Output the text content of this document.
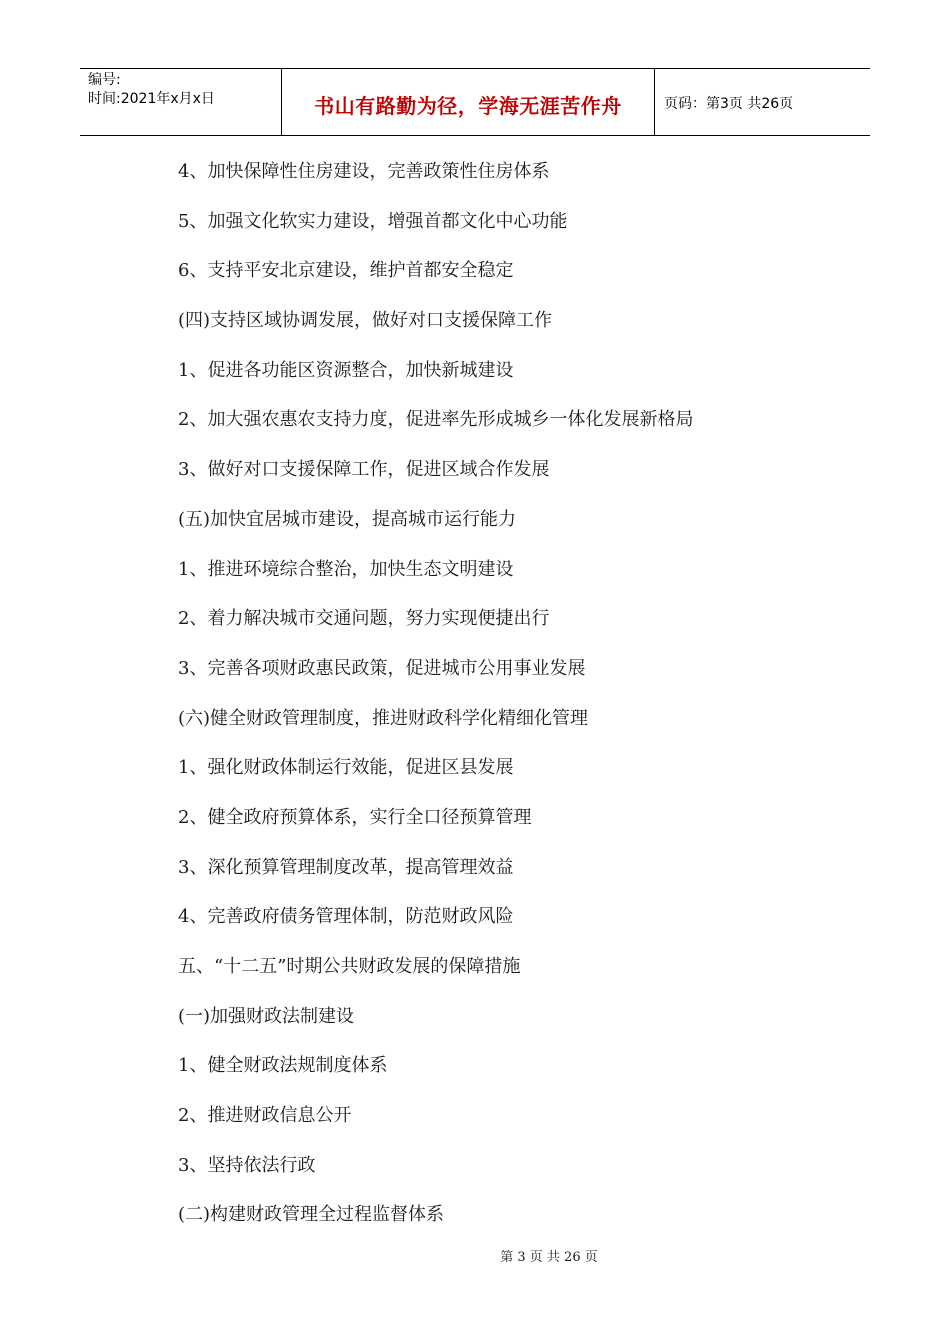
编号:
时间:2021年x月x日	书山有路勤为径，学海无涯苦作舟	页码：第3页 共26页
4、加快保障性住房建设，完善政策性住房体系
5、加强文化软实力建设，增强首都文化中心功能
6、支持平安北京建设，维护首都安全稳定
(四)支持区域协调发展，做好对口支援保障工作
1、促进各功能区资源整合，加快新城建设
2、加大强农惠农支持力度，促进率先形成城乡一体化发展新格局
3、做好对口支援保障工作，促进区域合作发展
(五)加快宜居城市建设，提高城市运行能力
1、推进环境综合整治，加快生态文明建设
2、着力解决城市交通问题，努力实现便捷出行
3、完善各项财政惠民政策，促进城市公用事业发展
(六)健全财政管理制度，推进财政科学化精细化管理
1、强化财政体制运行效能，促进区县发展
2、健全政府预算体系，实行全口径预算管理
3、深化预算管理制度改革，提高管理效益
4、完善政府债务管理体制，防范财政风险
五、“十二五”时期公共财政发展的保障措施
(一)加强财政法制建设
1、健全财政法规制度体系
2、推进财政信息公开
3、坚持依法行政
(二)构建财政管理全过程监督体系
第 3 页 共 26 页
